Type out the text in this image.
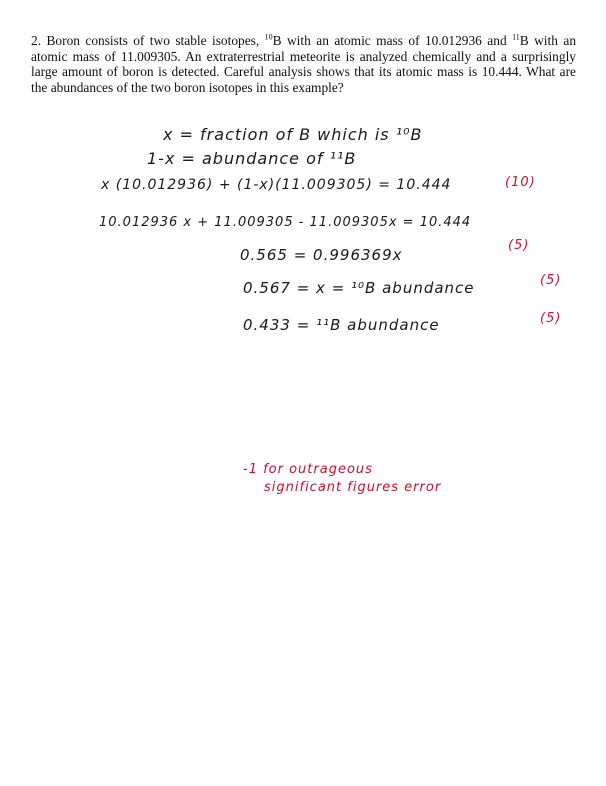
2. Boron consists of two stable isotopes, $^{10}$B with an atomic mass of 10.012936 and $^{11}$B with an atomic mass of 11.009305. An extraterrestrial meteorite is analyzed chemically and a surprisingly large amount of boron is detected. Careful analysis shows that its atomic mass is 10.444. What are the abundances of the two boron isotopes in this example?
x = fraction of B which is ¹⁰B
1-x = abundance of ¹¹B
x (10.012936) + (1-x)(11.009305) = 10.444	(10)
10.012936 x + 11.009305 - 11.009305x = 10.444
0.565 = 0.996369x
(5)
0.567 = x = ¹⁰B abundance	(5)
0.433 = ¹¹B abundance	(5)
-1 for outrageous
significant figures error
